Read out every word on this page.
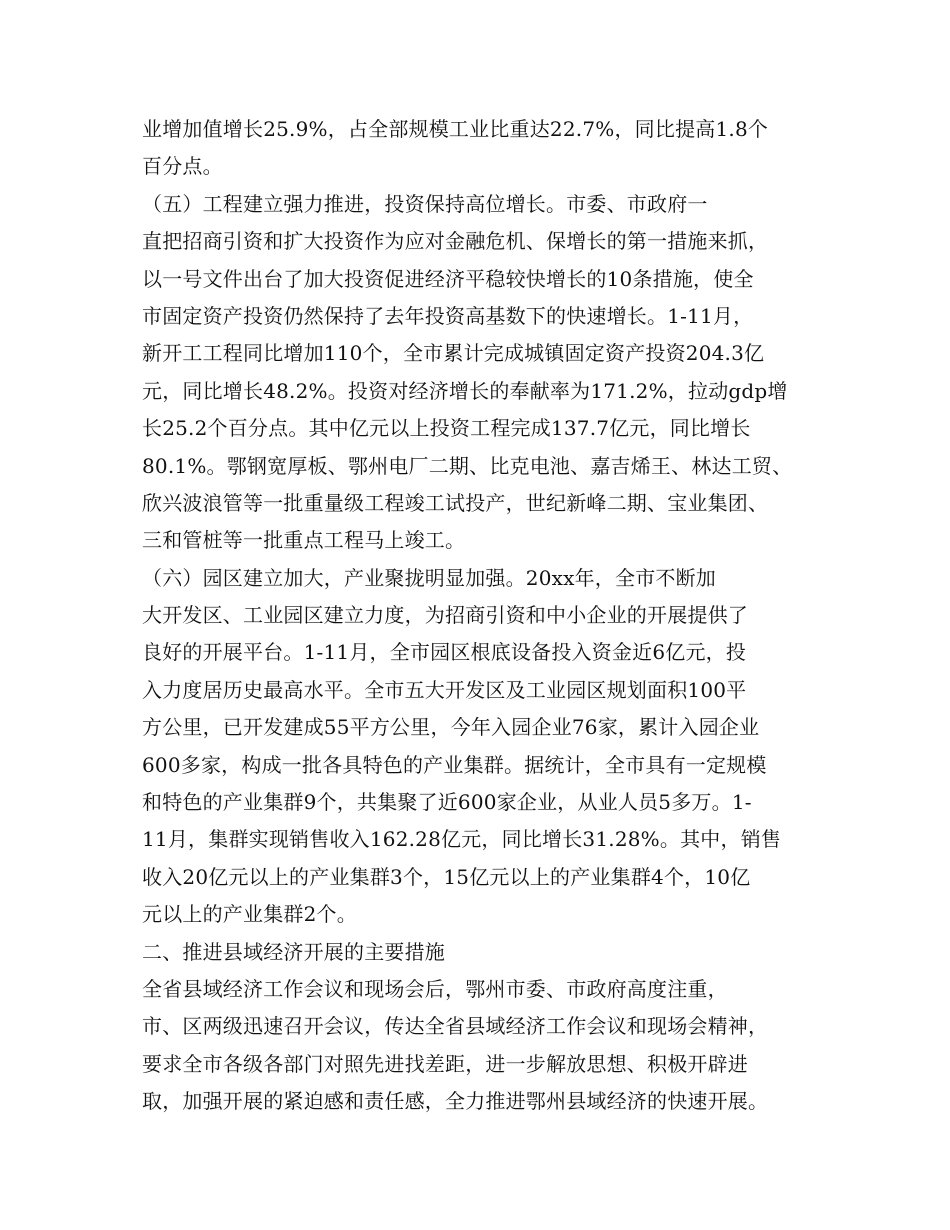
业增加值增长25.9%，占全部规模工业比重达22.7%，同比提高1.8个
百分点。
（五）工程建立强力推进，投资保持高位增长。市委、市政府一
直把招商引资和扩大投资作为应对金融危机、保增长的第一措施来抓，
以一号文件出台了加大投资促进经济平稳较快增长的10条措施，使全
市固定资产投资仍然保持了去年投资高基数下的快速增长。1-11月，
新开工工程同比增加110个，全市累计完成城镇固定资产投资204.3亿
元，同比增长48.2%。投资对经济增长的奉献率为171.2%，拉动gdp增
长25.2个百分点。其中亿元以上投资工程完成137.7亿元，同比增长
80.1%。鄂钢宽厚板、鄂州电厂二期、比克电池、嘉吉烯王、林达工贸、
欣兴波浪管等一批重量级工程竣工试投产，世纪新峰二期、宝业集团、
三和管桩等一批重点工程马上竣工。
（六）园区建立加大，产业聚拢明显加强。20xx年，全市不断加
大开发区、工业园区建立力度，为招商引资和中小企业的开展提供了
良好的开展平台。1-11月，全市园区根底设备投入资金近6亿元，投
入力度居历史最高水平。全市五大开发区及工业园区规划面积100平
方公里，已开发建成55平方公里，今年入园企业76家，累计入园企业
600多家，构成一批各具特色的产业集群。据统计，全市具有一定规模
和特色的产业集群9个，共集聚了近600家企业，从业人员5多万。1-
11月，集群实现销售收入162.28亿元，同比增长31.28%。其中，销售
收入20亿元以上的产业集群3个，15亿元以上的产业集群4个，10亿
元以上的产业集群2个。
二、推进县域经济开展的主要措施
全省县域经济工作会议和现场会后，鄂州市委、市政府高度注重，
市、区两级迅速召开会议，传达全省县域经济工作会议和现场会精神，
要求全市各级各部门对照先进找差距，进一步解放思想、积极开辟进
取，加强开展的紧迫感和责任感，全力推进鄂州县域经济的快速开展。
